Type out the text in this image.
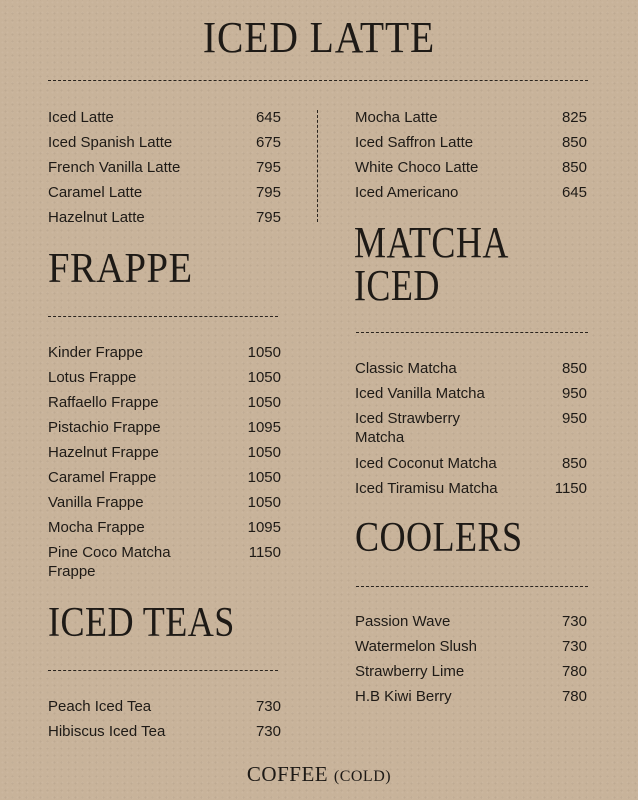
ICED LATTE
Iced Latte	645
Iced Spanish Latte	675
French Vanilla Latte	795
Caramel Latte	795
Hazelnut Latte	795
Mocha Latte	825
Iced Saffron Latte	850
White Choco Latte	850
Iced Americano	645
FRAPPE
Kinder Frappe	1050
Lotus Frappe	1050
Raffaello Frappe	1050
Pistachio Frappe	1095
Hazelnut Frappe	1050
Caramel Frappe	1050
Vanilla Frappe	1050
Mocha Frappe	1095
Pine Coco Matcha Frappe
1150
ICED TEAS
Peach Iced Tea	730
Hibiscus Iced Tea	730
MATCHA
ICED
Classic Matcha	850
Iced Vanilla Matcha	950
Iced Strawberry Matcha
950
Iced Coconut Matcha	850
Iced Tiramisu Matcha	1150
COOLERS
Passion Wave	730
Watermelon Slush	730
Strawberry Lime	780
H.B Kiwi Berry	780
COFFEE (COLD)
